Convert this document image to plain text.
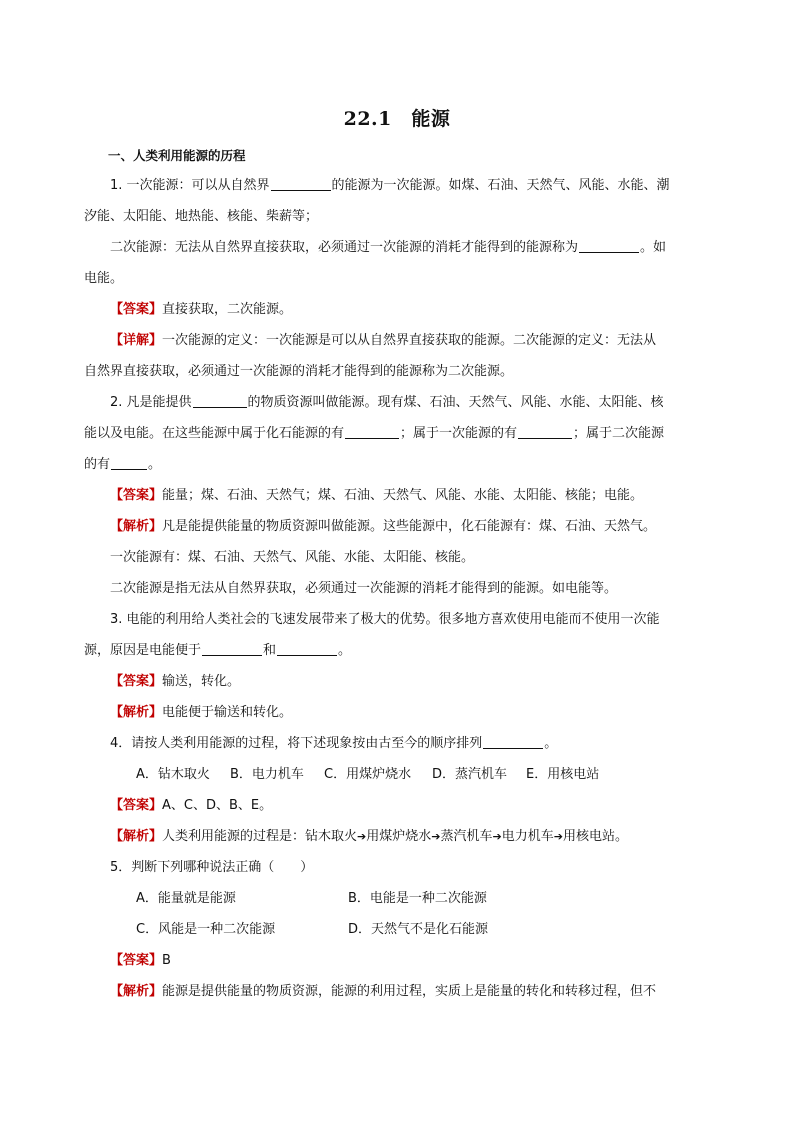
22.1　能源
一、人类利用能源的历程

1. 一次能源：可以从自然界	的能源为一次能源。如煤、石油、天然气、风能、水能、潮

汐能、太阳能、地热能、核能、柴薪等；

二次能源：无法从自然界直接获取，必须通过一次能源的消耗才能得到的能源称为	。如

电能。

【答案】直接获取，二次能源。

【详解】一次能源的定义：一次能源是可以从自然界直接获取的能源。二次能源的定义：无法从

自然界直接获取，必须通过一次能源的消耗才能得到的能源称为二次能源。

2. 凡是能提供	的物质资源叫做能源。现有煤、石油、天然气、风能、水能、太阳能、核

能以及电能。在这些能源中属于化石能源的有	；属于一次能源的有	；属于二次能源

的有	。

【答案】能量；煤、石油、天然气；煤、石油、天然气、风能、水能、太阳能、核能；电能。

【解析】凡是能提供能量的物质资源叫做能源。这些能源中，化石能源有：煤、石油、天然气。

一次能源有：煤、石油、天然气、风能、水能、太阳能、核能。

二次能源是指无法从自然界获取，必须通过一次能源的消耗才能得到的能源。如电能等。

3. 电能的利用给人类社会的飞速发展带来了极大的优势。很多地方喜欢使用电能而不使用一次能

源，原因是电能便于	和	。

【答案】输送，转化。

【解析】电能便于输送和转化。

4．请按人类利用能源的过程，将下述现象按由古至今的顺序排列	。

A．钻木取火 B．电力机车 C．用煤炉烧水 D．蒸汽机车 E．用核电站

【答案】A、C、D、B、E。

【解析】人类利用能源的过程是：钻木取火➔用煤炉烧水➔蒸汽机车➔电力机车➔用核电站。

5．判断下列哪种说法正确（　　）

A．能量就是能源	B．电能是一种二次能源

C．风能是一种二次能源	D．天然气不是化石能源

【答案】B

【解析】能源是提供能量的物质资源，能源的利用过程，实质上是能量的转化和转移过程，但不
